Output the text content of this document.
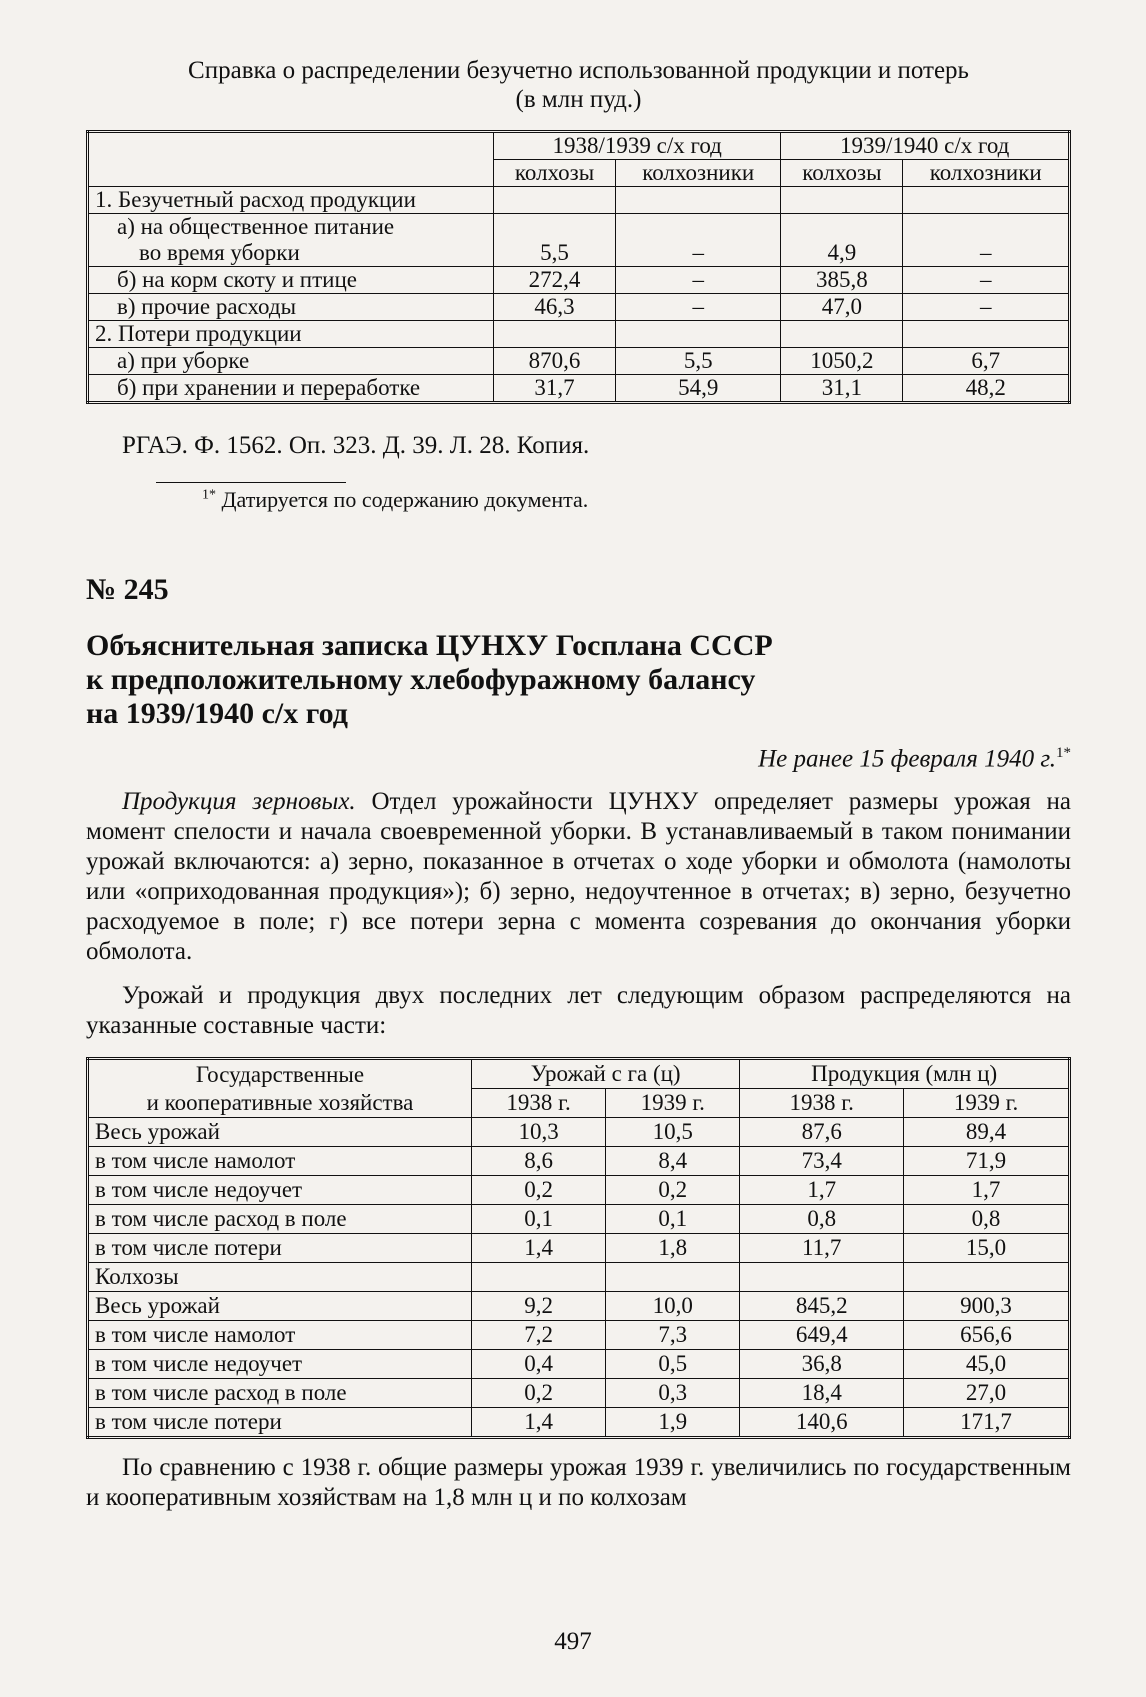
Справка о распределении безучетно использованной продукции и потерь
(в млн пуд.)
	1938/1939 с/х год		1939/1940 с/х год	
	колхозы	колхозники	колхозы	колхозники
1. Безучетный расход продукции				

а) на общественное питание
во время уборки	5,5	–	4,9	–
б) на корм скоту и птице	272,4	–	385,8	–
в) прочие расходы	46,3	–	47,0	–
2. Потери продукции				
а) при уборке	870,6	5,5	1050,2	6,7
б) при хранении и переработке	31,7	54,9	31,1	48,2
РГАЭ. Ф. 1562. Оп. 323. Д. 39. Л. 28. Копия.
$^{1*}$ Датируется по содержанию документа.
№ 245
Объяснительная записка ЦУНХУ Госплана СССР
к предположительному хлебофуражному балансу
на 1939/1940 с/х год
Не ранее 15 февраля 1940 г.$^{1*}$
Продукция зерновых. Отдел урожайности ЦУНХУ определяет размеры урожая на момент спелости и начала своевременной уборки. В устанавливаемый в таком понимании урожай включаются: а) зерно, показанное в отчетах о ходе уборки и обмолота (намолоты или «оприходованная продукция»); б) зерно, недоучтенное в отчетах; в) зерно, безучетно расходуемое в поле; г) все потери зерна с момента созревания до окончания уборки обмолота.
Урожай и продукция двух последних лет следующим образом распределяются на указанные составные части:
Государственные
и кооперативные хозяйства	Урожай с га (ц)		Продукция (млн ц)	
	1938 г.	1939 г.	1938 г.	1939 г.
Весь урожай	10,3	10,5	87,6	89,4
в том числе намолот	8,6	8,4	73,4	71,9
в том числе недоучет	0,2	0,2	1,7	1,7
в том числе расход в поле	0,1	0,1	0,8	0,8
в том числе потери	1,4	1,8	11,7	15,0
Колхозы				
Весь урожай	9,2	10,0	845,2	900,3
в том числе намолот	7,2	7,3	649,4	656,6
в том числе недоучет	0,4	0,5	36,8	45,0
в том числе расход в поле	0,2	0,3	18,4	27,0
в том числе потери	1,4	1,9	140,6	171,7
По сравнению с 1938 г. общие размеры урожая 1939 г. увеличились по государственным и кооперативным хозяйствам на 1,8 млн ц и по колхозам
497
